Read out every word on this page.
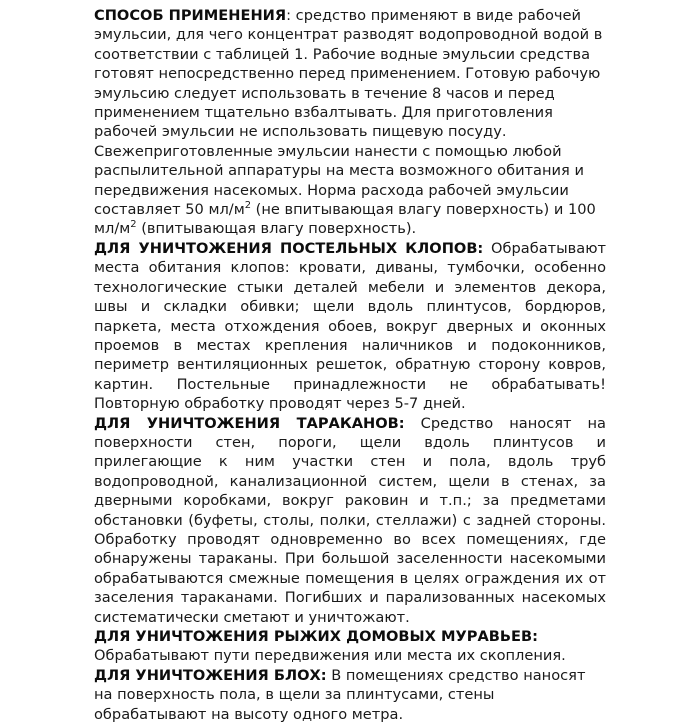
СПОСОБ ПРИМЕНЕНИЯ: средство применяют в виде рабочей эмульсии, для чего концентрат разводят водопроводной водой в соответствии с таблицей 1. Рабочие водные эмульсии средства готовят непосредственно перед применением. Готовую рабочую эмульсию следует использовать в течение 8 часов и перед применением тщательно взбалтывать. Для приготовления рабочей эмульсии не использовать пищевую посуду. Свежеприготовленные эмульсии нанести с помощью любой распылительной аппаратуры на места возможного обитания и передвижения насекомых. Норма расхода рабочей эмульсии составляет 50 $мл/м^2$ (не впитывающая влагу поверхность) и 100 $мл/м^2$ (впитывающая влагу поверхность).

ДЛЯ УНИЧТОЖЕНИЯ ПОСТЕЛЬНЫХ КЛОПОВ: Обрабатывают места обитания клопов: кровати, диваны, тумбочки, особенно технологические стыки деталей мебели и элементов декора, швы и складки обивки; щели вдоль плинтусов, бордюров, паркета, места отхождения обоев, вокруг дверных и оконных проемов в местах крепления наличников и подоконников, периметр вентиляционных решеток, обратную сторону ковров, картин. Постельные принадлежности не обрабатывать! Повторную обработку проводят через 5-7 дней.

ДЛЯ УНИЧТОЖЕНИЯ ТАРАКАНОВ: Средство наносят на поверхности стен, пороги, щели вдоль плинтусов и прилегающие к ним участки стен и пола, вдоль труб водопроводной, канализационной систем, щели в стенах, за дверными коробками, вокруг раковин и т.п.; за предметами обстановки (буфеты, столы, полки, стеллажи) с задней стороны. Обработку проводят одновременно во всех помещениях, где обнаружены тараканы. При большой заселенности насекомыми обрабатываются смежные помещения в целях ограждения их от заселения тараканами. Погибших и парализованных насекомых систематически сметают и уничтожают.

ДЛЯ УНИЧТОЖЕНИЯ РЫЖИХ ДОМОВЫХ МУРАВЬЕВ:

Обрабатывают пути передвижения или места их скопления.

ДЛЯ УНИЧТОЖЕНИЯ БЛОХ: В помещениях средство наносят на поверхность пола, в щели за плинтусами, стены обрабатывают на высоту одного метра.
